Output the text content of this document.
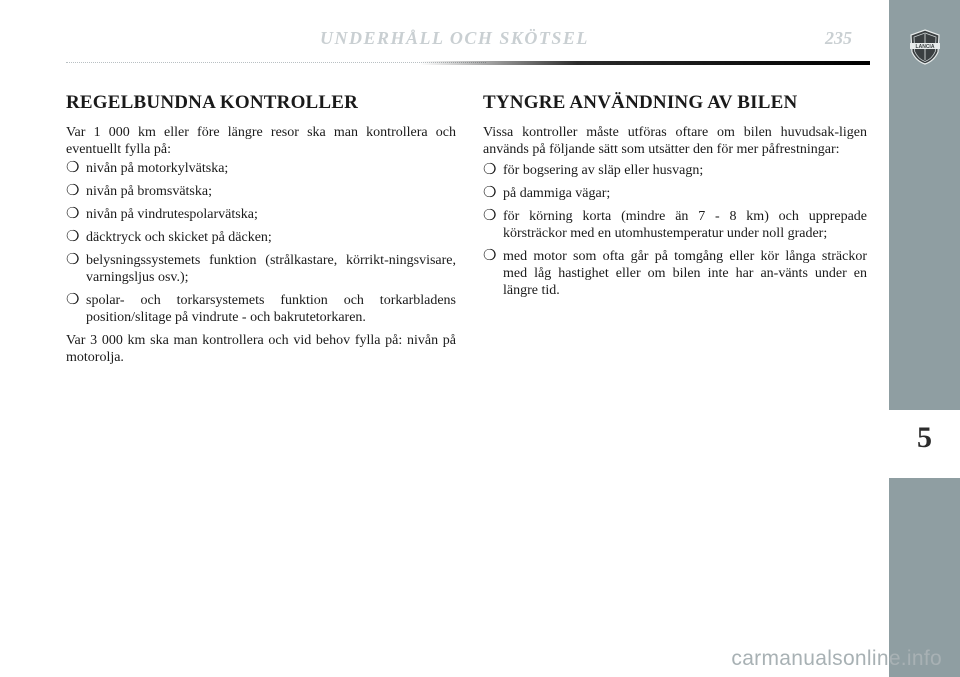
UNDERHÅLL OCH SKÖTSEL	235	LANCIA
5
REGELBUNDNA KONTROLLER

Var 1 000 km eller före längre resor ska man kontrollera och eventuellt fylla på:

❍ nivån på motorkylvätska;
❍ nivån på bromsvätska;
❍ nivån på vindrutespolarvätska;
❍ däcktryck och skicket på däcken;
❍ belysningssystemets funktion (strålkastare, körrikt-ningsvisare, varningsljus osv.);
❍ spolar- och torkarsystemets funktion och torkarbladens position/slitage på vindrute - och bakrutetorkaren.

Var 3 000 km ska man kontrollera och vid behov fylla på: nivån på motorolja.

TYNGRE ANVÄNDNING AV BILEN

Vissa kontroller måste utföras oftare om bilen huvudsak-ligen används på följande sätt som utsätter den för mer påfrestningar:

❍ för bogsering av släp eller husvagn;
❍ på dammiga vägar;
❍ för körning korta (mindre än 7 - 8 km) och upprepade körsträckor med en utomhustemperatur under noll grader;
❍ med motor som ofta går på tomgång eller kör långa sträckor med låg hastighet eller om bilen inte har an-vänts under en längre tid.
carmanualsonline.info
